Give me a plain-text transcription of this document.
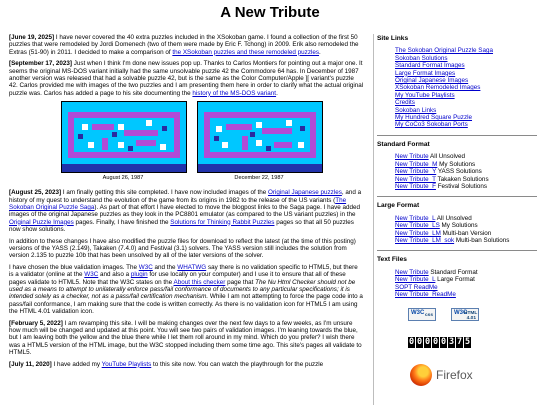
A New Tribute

[June 19, 2025] I have never covered the 40 extra puzzles included in the XSokoban game. I found a collection of the first 50 puzzles that were remodeled by Jordi Domenech (two of them were made by Eric F. Tchong) in 2009. Erik also remodeled the Extras (51-90) in 2011. I decided to make a comparison of the XSokoban puzzles and these remodeled puzzles.

[September 17, 2023] Just when I think I'm done new issues pop up. Thanks to Carlos Montiers for pointing out a major one. It seems the original MS-DOS variant initially had the same unsolvable puzzle 42 the Commodore 64 has. In December of 1987 another version was released that had a solvable puzzle 42, but is the same as the Color Computer/Apple ][ variant's puzzle 42. Carlos provided me with images of the two puzzles and I am presenting them here in order to clarify what the actual original puzzle was. Carlos has added a page to his site documenting the history of the MS-DOS variant.

August 26, 1987	December 22, 1987

[August 25, 2023] I am finally getting this site completed. I have now included images of the Original Japanese puzzles, and a history of my quest to understand the evolution of the game from its origins in 1982 to the release of the US variants (The Sokoban Original Puzzle Saga). As part of that effort I have elected to move the blogpost links to the Saga page. I have added images of the original Japanese puzzles as they look in the PC8801 emulator (as compared to the US variant puzzles) in the Original Puzzle Images pages. Finally, I have finished the Solutions for Thinking Rabbit Puzzles pages so that all 50 puzzles now show solutions.

In addition to these changes I have also modified the puzzle files for download to reflect the latest (at the time of this posting) versions of the YASS (2.149), Takaken (7.4.0) and Festival (3.1) solvers. The YASS version still includes the solution from version 2.135 to puzzle 10b that has been unsolved by all of the later versions of the solver.

I have chosen the blue validation images. The W3C and the WHATWG say there is no validation specific to HTML5, but there is a validator (online at the W3C and also a plugin for use locally on your computer) and I use it to ensure that all of these pages validate to HTML5. Note that the W3C states on the About this checker page that The Nu Html Checker should not be used as a means to attempt to unilaterally enforce pass/fail conformance of documents to any particular specifications; it is intended solely as a checker, not as a pass/fail certification mechanism. While I am not attempting to force the page code into a pass/fail conformance, I am making sure that the code is written correctly. As there is no validation icon for HTML5 I am using the HTML 4.01 validation icon.

[February 5, 2022] I am revamping this site. I will be making changes over the next few days to a few weeks, as I'm unsure how much will be changed and updated at this point. You will see two pairs of validation images. I'm leaning towards the blue, but I am leaving both the yellow and the blue there while I let them roll around in my mind. Which do you prefer? I wish there was a HTML5 version of the HTML image, but the W3C stopped including them some time ago. This site's pages all validate to HTML5.

[July 11, 2020] I have added my YouTube Playlists to this site now. You can watch the playthrough for the puzzle

Site Links
The Sokoban Original Puzzle Saga
Sokoban Solutions
Standard Format Images
Large Format Images
Original Japanese Images
XSokoban Remodeled Images
My YouTube Playlists
Credits
Sokoban Links
My Hundred Square Puzzle
My CoCo3 Sokoban Ports
Standard Format
New Tribute All Unsolved
New Tribute_M My Solutions
New Tribute_Y YASS Solutions
New Tribute_T Takaken Solutions
New Tribute_F Festival Solutions
Large Format
New Tribute_L All Unsolved
New Tribute_LS My Solutions
New Tribute_LM Multi-ban Version
New Tribute_LM_sok Multi-ban Solutions
Text Files
New Tribute Standard Format
New Tribute_L Large Format
SOPT ReadMe
New Tribute_ReadMe
W3C css	W3C
HTML 4.01
0 0 0 0 0 3 7 5
Firefox
